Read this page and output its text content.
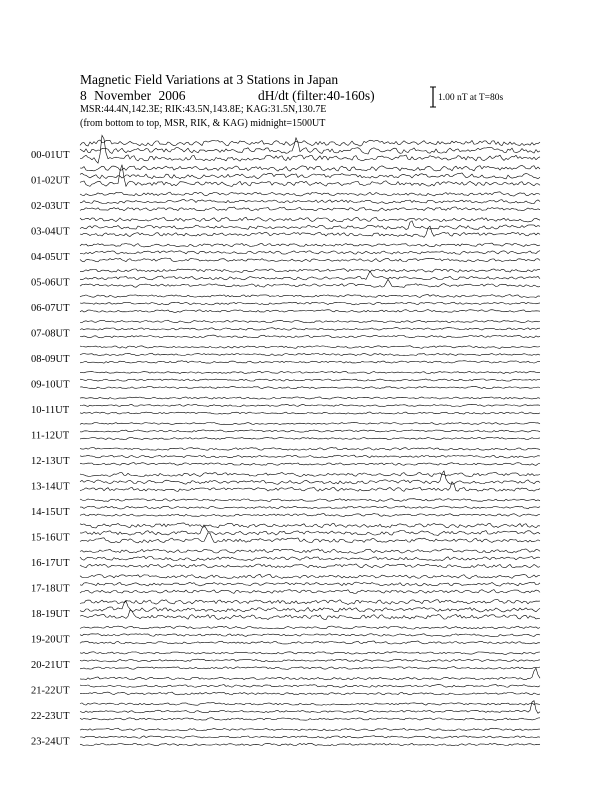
00-01UT
01-02UT
02-03UT
03-04UT
04-05UT
05-06UT
06-07UT
07-08UT
08-09UT
09-10UT
10-11UT
11-12UT
12-13UT
13-14UT
14-15UT
15-16UT
16-17UT
17-18UT
18-19UT
19-20UT
20-21UT
21-22UT
22-23UT
23-24UT
Magnetic Field Variations at 3 Stations in Japan
8 November 2006	dH/dt (filter:40-160s)
MSR:44.4N,142.3E; RIK:43.5N,143.8E; KAG:31.5N,130.7E
(from bottom to top, MSR, RIK, & KAG) midnight=1500UT
1.00 nT at T=80s
